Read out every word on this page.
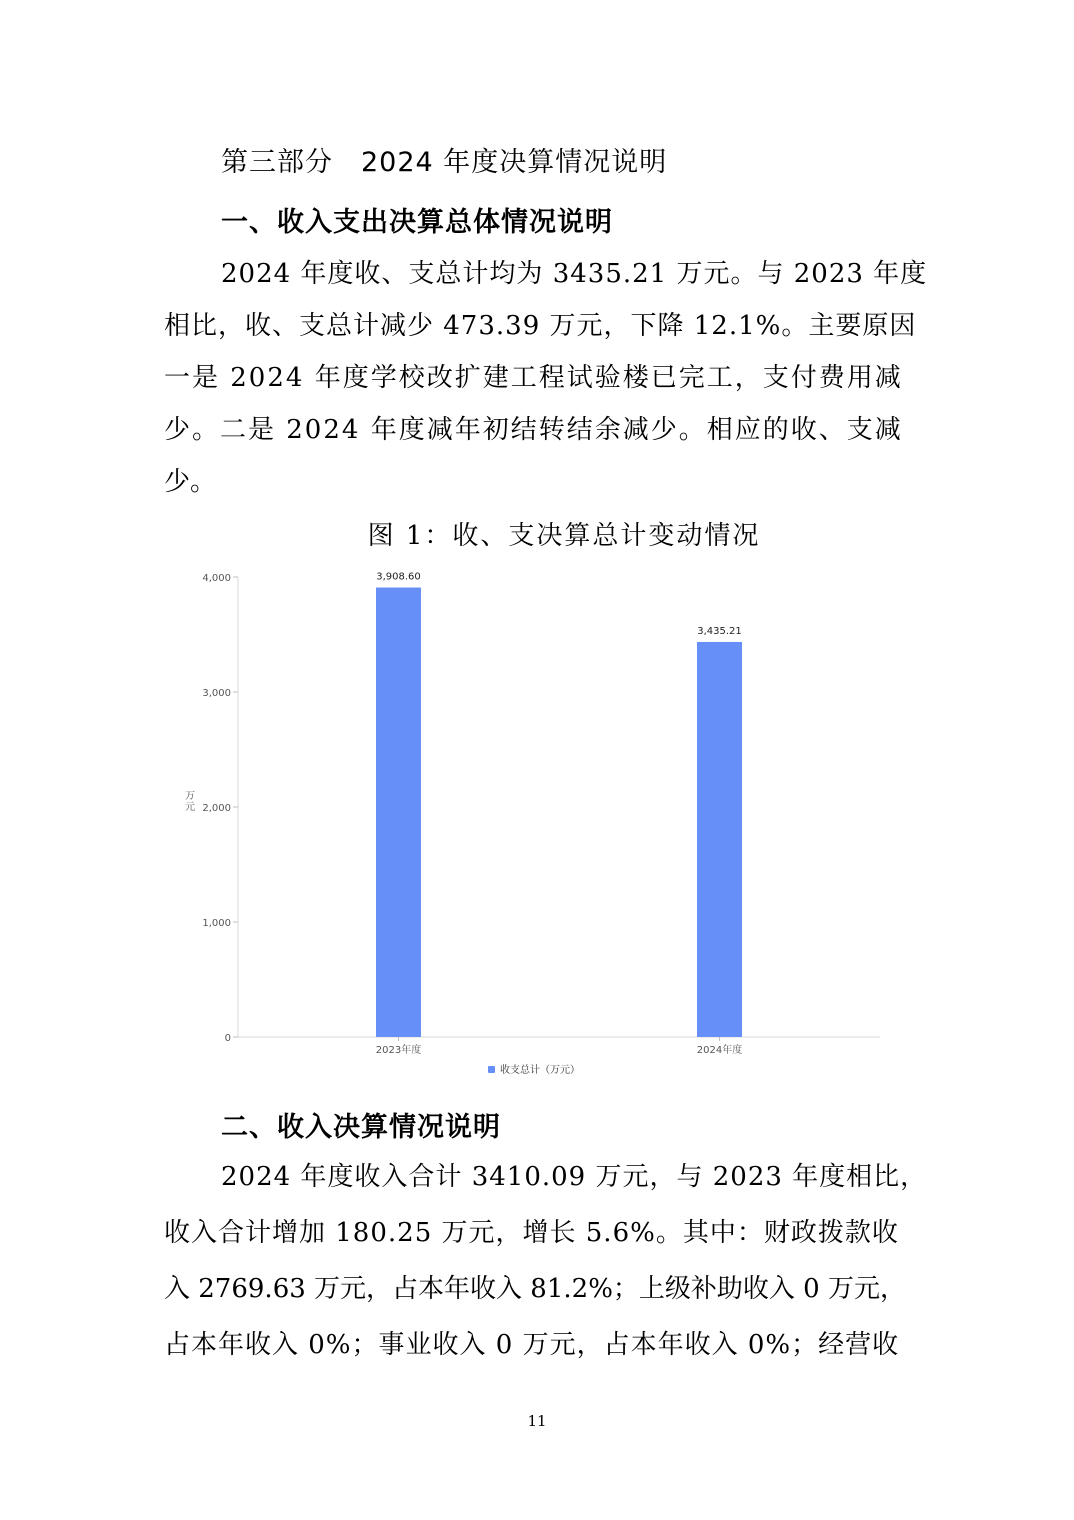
第三部分　2024 年度决算情况说明
一、收入支出决算总体情况说明
2024 年度收、支总计均为 3435.21 万元。与 2023 年度
相比，收、支总计减少 473.39 万元，下降 12.1%。主要原因
一是 2024 年度学校改扩建工程试验楼已完工，支付费用减
少。二是 2024 年度减年初结转结余减少。相应的收、支减
少。
图 1：收、支决算总计变动情况
0
1,000
2,000
3,000
4,000
万元
2023年度
3,908.60
2024年度
3,435.21
收支总计（万元）
二、收入决算情况说明
2024 年度收入合计 3410.09 万元，与 2023 年度相比，
收入合计增加 180.25 万元，增长 5.6%。其中：财政拨款收
入 2769.63 万元，占本年收入 81.2%；上级补助收入 0 万元，
占本年收入 0%；事业收入 0 万元，占本年收入 0%；经营收
11
